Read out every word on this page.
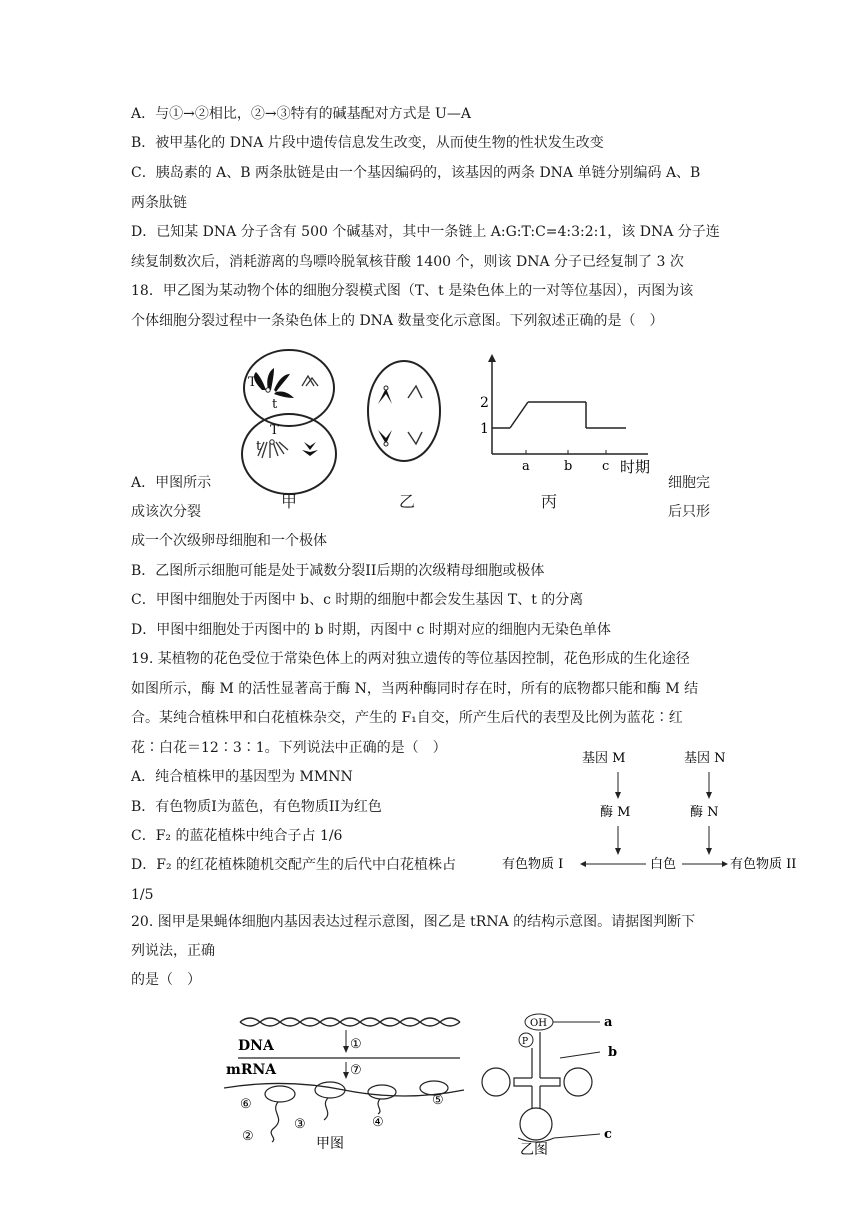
A．与①→②相比，②→③特有的碱基配对方式是 U—A
B．被甲基化的 DNA 片段中遗传信息发生改变，从而使生物的性状发生改变
C．胰岛素的 A、B 两条肽链是由一个基因编码的，该基因的两条 DNA 单链分别编码 A、B
两条肽链
D．已知某 DNA 分子含有 500 个碱基对，其中一条链上 A:G:T:C=4:3:2:1，该 DNA 分子连
续复制数次后，消耗游离的鸟嘌呤脱氧核苷酸 1400 个，则该 DNA 分子已经复制了 3 次
18．甲乙图为某动物个体的细胞分裂模式图（T、t 是染色体上的一对等位基因），丙图为该
个体细胞分裂过程中一条染色体上的 DNA 数量变化示意图。下列叙述正确的是（　）
T
t
T
t
2
1
a	b c 时期
A．甲图所示	细胞完
成该次分裂	后只形
甲	乙	丙
成一个次级卵母细胞和一个极体
B．乙图所示细胞可能是处于减数分裂II后期的次级精母细胞或极体
C．甲图中细胞处于丙图中 b、c 时期的细胞中都会发生基因 T、t 的分离
D．甲图中细胞处于丙图中的 b 时期，丙图中 c 时期对应的细胞内无染色单体
19. 某植物的花色受位于常染色体上的两对独立遗传的等位基因控制，花色形成的生化途径
如图所示，酶 M 的活性显著高于酶 N，当两种酶同时存在时，所有的底物都只能和酶 M 结
合。某纯合植株甲和白花植株杂交，产生的 F₁自交，所产生后代的表型及比例为蓝花∶红
花∶白花＝12∶3∶1。下列说法中正确的是（　）
A．纯合植株甲的基因型为 MMNN
B．有色物质I为蓝色，有色物质II为红色
C．F₂ 的蓝花植株中纯合子占 1/6
D．F₂ 的红花植株随机交配产生的后代中白花植株占
1/5
基因 M	基因 N
酶 M	酶 N
有色物质 I	白色	有色物质 II
20. 图甲是果蝇体细胞内基因表达过程示意图，图乙是 tRNA 的结构示意图。请据图判断下
列说法，正确
的是（　）
DNA	①
mRNA	⑦
⑥
②
③	④
⑤
甲图
OH	a
P
b
c
乙图
